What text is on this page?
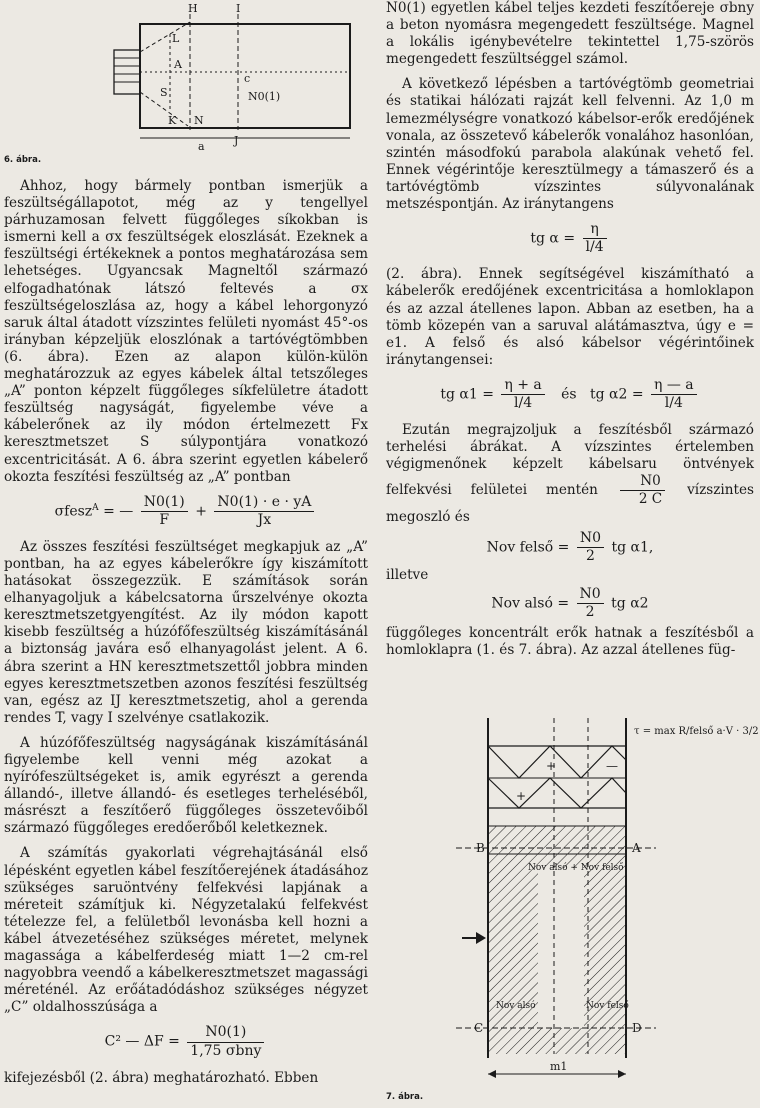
H	I
L
A
S
K N
J
a
c
N0(1)
6. ábra.

Ahhoz, hogy bármely pontban ismerjük a feszültségállapotot, még az y tengellyel párhuzamosan felvett függőleges síkokban is ismerni kell a σx feszültségek eloszlását. Ezeknek a feszültségi értékeknek a pontos meghatározása sem lehetséges. Ugyancsak Magneltől származó elfogadhatónak látszó feltevés a σx feszültségeloszlása az, hogy a kábel lehorgonyzó saruk által átadott vízszintes felületi nyomást 45°-os irányban képzeljük eloszlónak a tartóvégtömbben (6. ábra). Ezen az alapon külön-külön meghatározzuk az egyes kábelek által tetszőleges „A” ponton képzelt függőleges síkfelületre átadott feszültség nagyságát, figyelembe véve a kábelerőnek az ily módon értelmezett Fx keresztmetszet S súlypontjára vonatkozó excentricitását. A 6. ábra szerint egyetlen kábelerő okozta feszítési feszültség az „A” pontban

σfesz$^A$ = — $\frac{N0(1)}{F} + \frac{N0(1) \cdot e \cdot yA}{Jx}$

Az összes feszítési feszültséget megkapjuk az „A” pontban, ha az egyes kábelerőkre így kiszámított hatásokat összegezzük. E számítások során elhanyagoljuk a kábelcsatorna űrszelvénye okozta keresztmetszetgyengítést. Az ily módon kapott kisebb feszültség a húzófőfeszültség kiszámításánál a biztonság javára eső elhanyagolást jelent. A 6. ábra szerint a HN keresztmetszettől jobbra minden egyes keresztmetszetben azonos feszítési feszültség van, egész az IJ keresztmetszetig, ahol a gerenda rendes T, vagy I szelvénye csatlakozik.

A húzófőfeszültség nagyságának kiszámításánál figyelembe kell venni még azokat a nyírófeszültségeket is, amik egyrészt a gerenda állandó-, illetve állandó- és esetleges terheléséből, másrészt a feszítőerő függőleges összetevőiből származó függőleges eredőerőből keletkeznek.

A számítás gyakorlati végrehajtásánál első lépésként egyetlen kábel feszítőerejének átadásához szükséges saruöntvény felfekvési lapjának a méreteit számítjuk ki. Négyzetalakú felfekvést tételezze fel, a felületből levonásba kell hozni a kábel átvezetéséhez szükséges méretet, melynek magassága a kábelferdeség miatt 1—2 cm-rel nagyobbra veendő a kábelkeresztmetszet magassági méreténél. Az erőátadódáshoz szükséges négyzet „C” oldalhosszúsága a

C² — $\Delta F = \frac{N0(1)}{\text{1,75 σbny}}$

kifejezésből (2. ábra) meghatározható. Ebben

N0(1) egyetlen kábel teljes kezdeti feszítőereje σbny a beton nyomásra megengedett feszültsége. Magnel a lokális igénybevételre tekintettel 1,75-szörös megengedett feszültséggel számol.

A következő lépésben a tartóvégtömb geometriai és statikai hálózati rajzát kell felvenni. Az 1,0 m lemezmélységre vonatkozó kábelsor-erők eredőjének vonala, az összetevő kábelerők vonalához hasonlóan, szintén másodfokú parabola alakúnak vehető fel. Ennek végérintője keresztülmegy a támaszerő és a tartóvégtömb vízszintes súlyvonalának metszéspontján. Az iránytangens

tg $\alpha = \frac{\eta}{l/4}$

(2. ábra). Ennek segítségével kiszámítható a kábelerők eredőjének excentricitása a homloklapon és az azzal átellenes lapon. Abban az esetben, ha a tömb közepén van a saruval alátámasztva, úgy e = e1. A felső és alsó kábelsor végérintőinek iránytangensei:

tg $\alpha 1 = \frac{\eta + a}{l/4}$ és tg $\alpha 2 = \frac{\eta — a}{l/4}$

Ezután megrajzoljuk a feszítésből származó terhelési ábrákat. A vízszintes értelemben végigmenőnek képzelt kábelsaru öntvények felfekvési felületei mentén $\frac{N0}{2 C}$ vízszintes megoszló és

Nov felső = $\frac{N0}{2}$ tg α1,

illetve

Nov alsó = $\frac{N0}{2}$ tg α2

függőleges koncentrált erők hatnak a feszítésből a homloklapra (1. és 7. ábra). Az azzal átellenes füg-

τ = max R/felső a·V · 3/2
+
+
—
B	A
C	D
Nov alsó + Nov felső
Nov alsó	Nov felső
m1
7. ábra.
